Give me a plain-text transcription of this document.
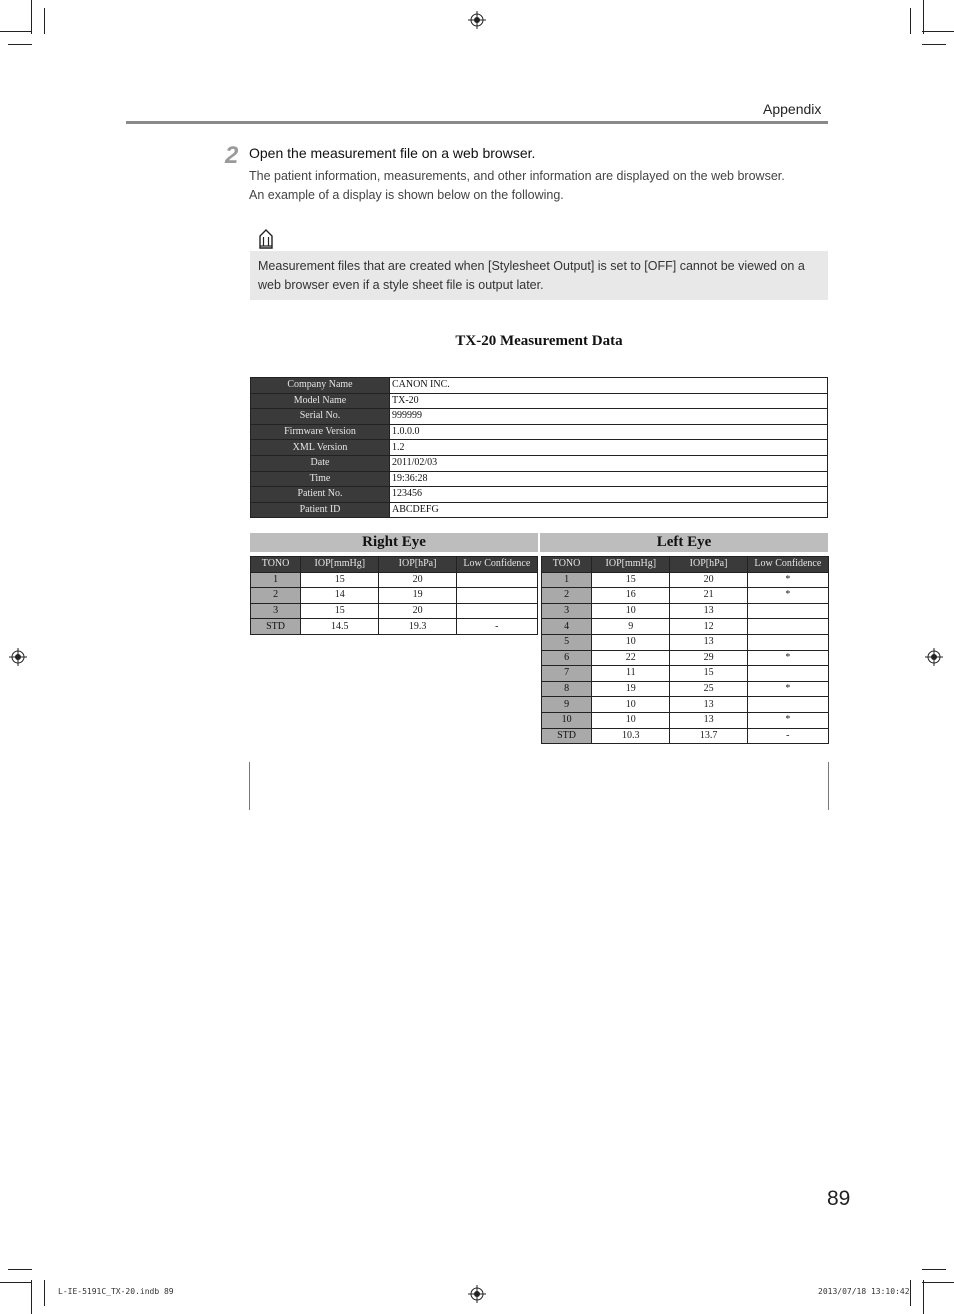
Appendix
2 Open the measurement file on a web browser.
The patient information, measurements, and other information are displayed on the web browser.
An example of a display is shown below on the following.
Measurement files that are created when [Stylesheet Output] is set to [OFF] cannot be viewed on a
web browser even if a style sheet file is output later.
TX-20 Measurement Data
Company Name	CANON INC.
Model Name	TX-20
Serial No.	999999
Firmware Version	1.0.0.0
XML Version	1.2
Date	2011/02/03
Time	19:36:28
Patient No.	123456
Patient ID	ABCDEFG
Right Eye	Left Eye
TONO	IOP[mmHg]	IOP[hPa]	Low Confidence
1	15	20	
2	14	19	
3	15	20	
STD	14.5	19.3	-
TONO	IOP[mmHg]	IOP[hPa]	Low Confidence
1	15	20	*
2	16	21	*
3	10	13	
4	9	12	
5	10	13	
6	22	29	*
7	11	15	
8	19	25	*
9	10	13	
10	10	13	*
STD	10.3	13.7	-
89
L-IE-5191C_TX-20.indb 89	2013/07/18 13:10:42
